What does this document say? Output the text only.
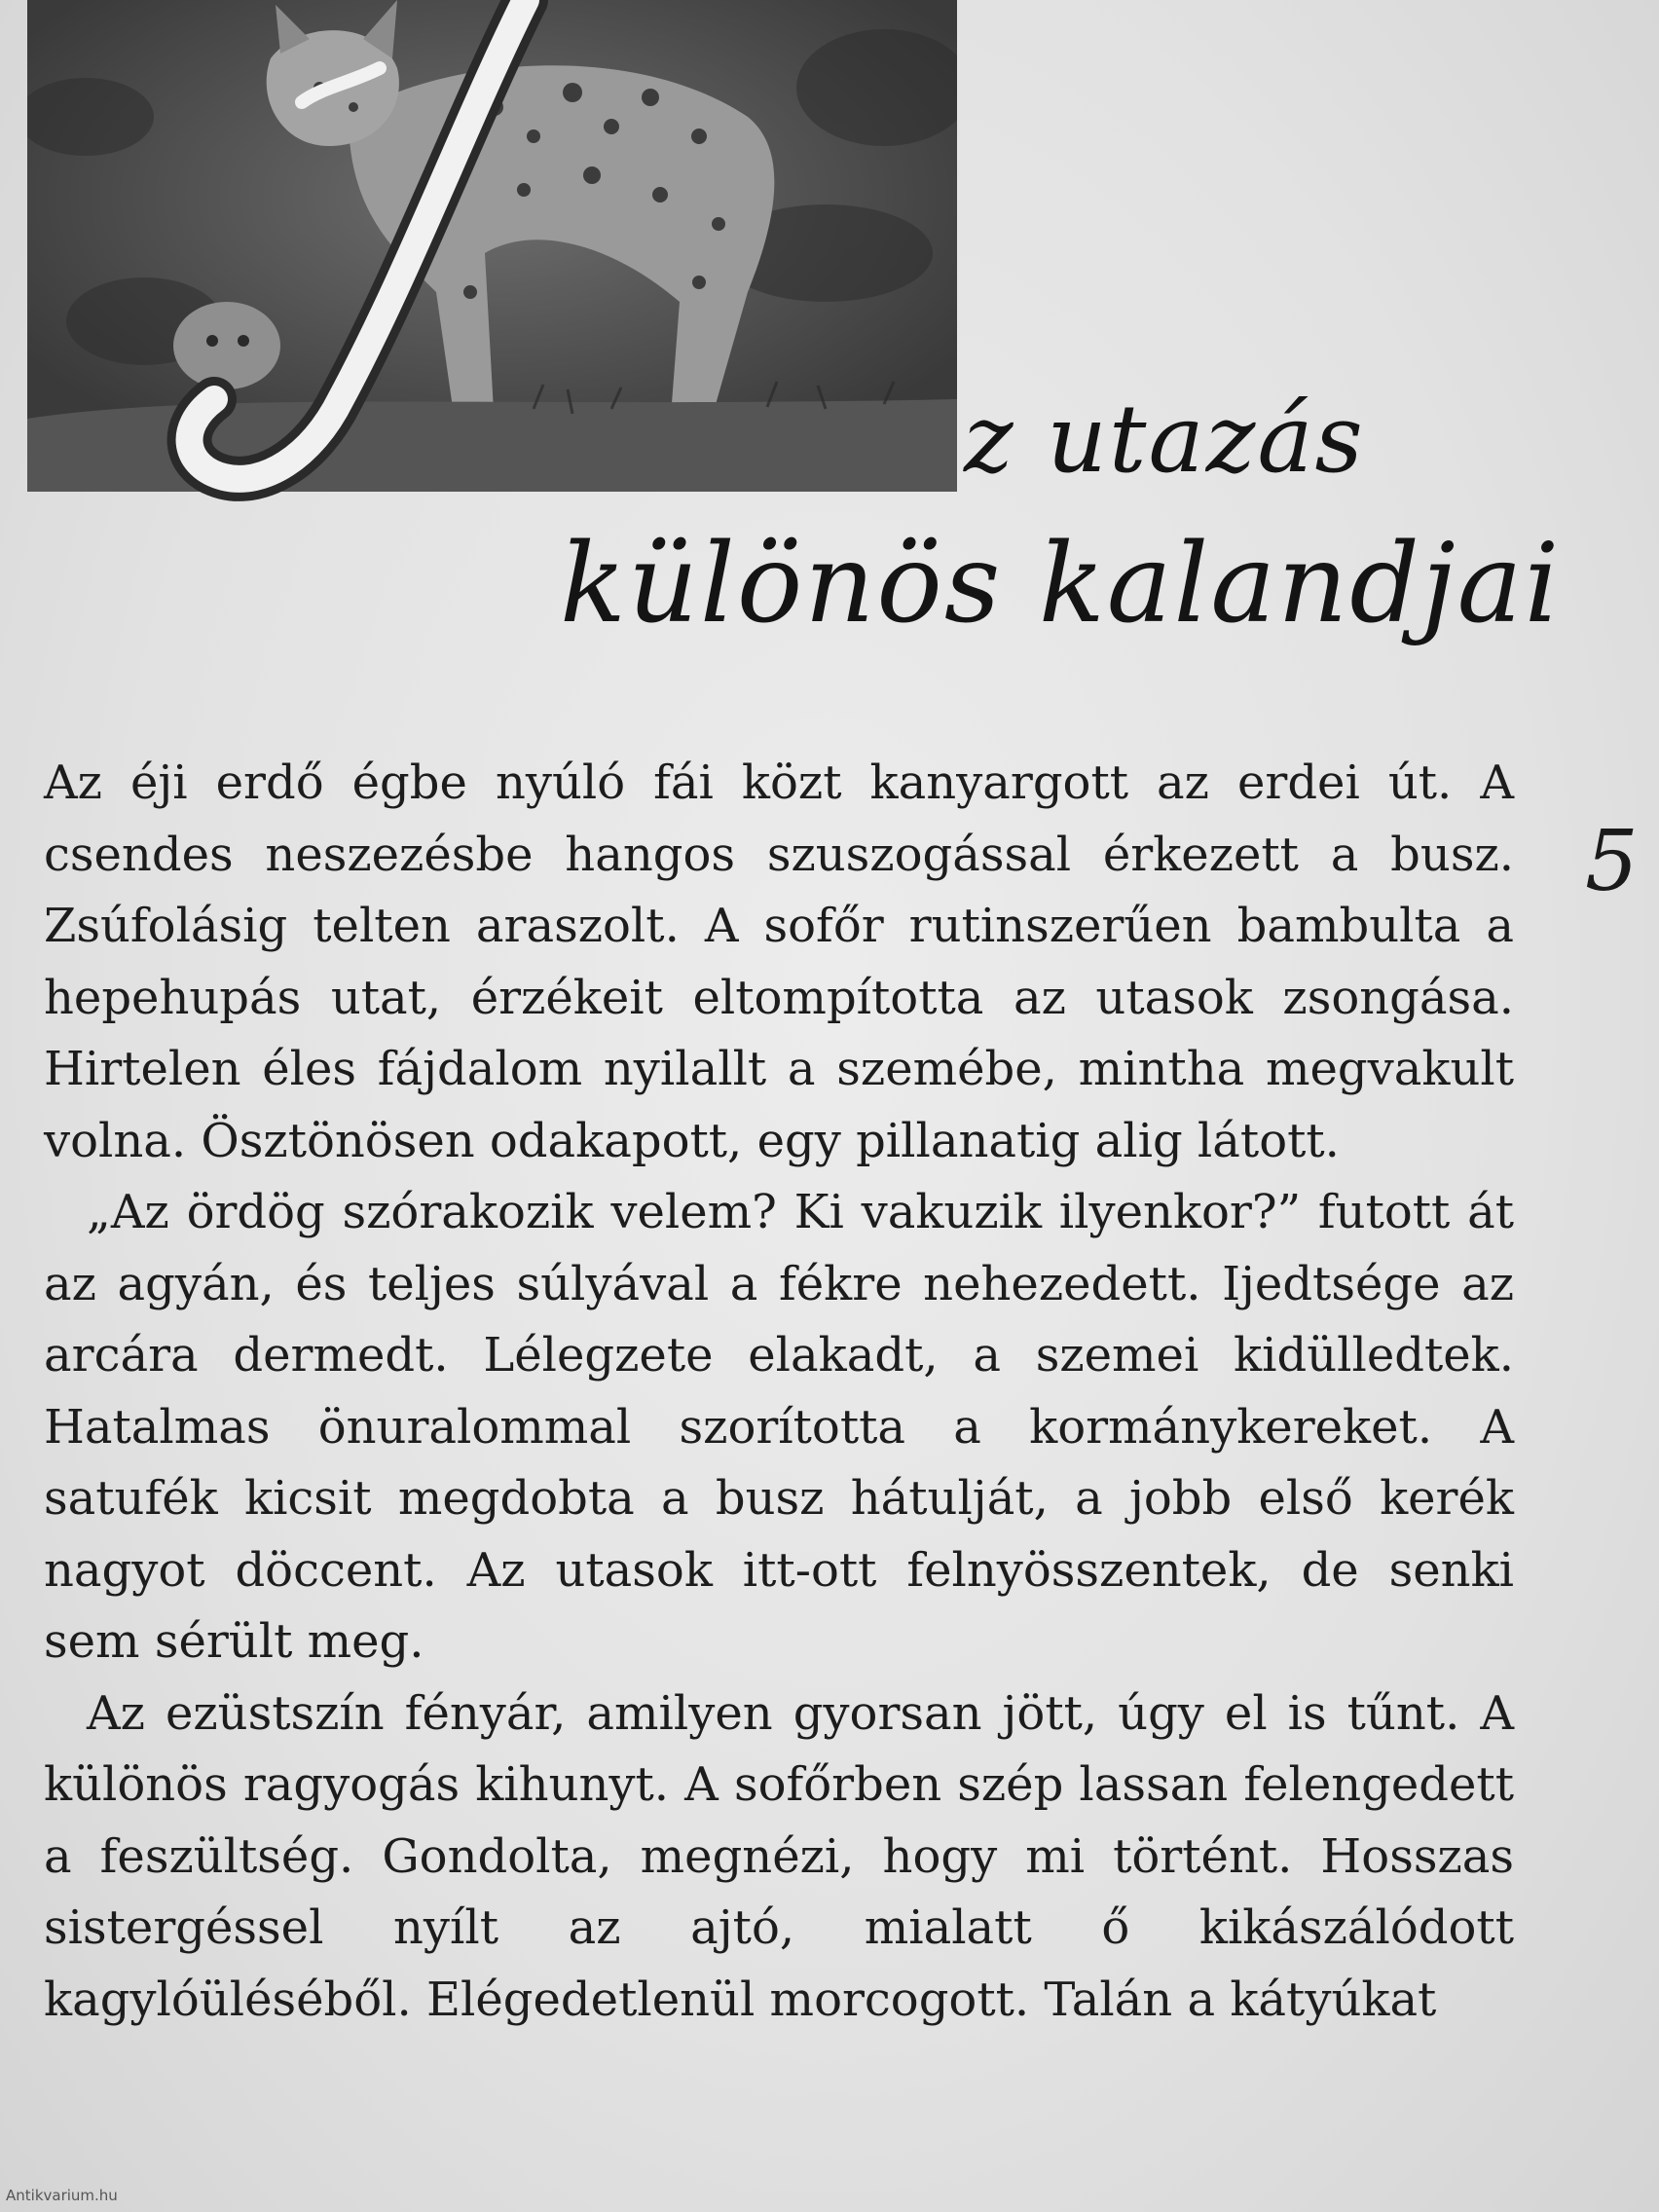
z utazás
különös kalandjai
5

Az éji erdő égbe nyúló fái közt kanyargott az erdei út. A csendes neszezésbe hangos szuszogással érkezett a busz. Zsúfolásig telten araszolt. A sofőr rutinszerűen bambulta a hepehupás utat, érzékeit eltompította az utasok zsongása. Hirtelen éles fájdalom nyilallt a szemébe, mintha megvakult volna. Ösztönösen odakapott, egy pillanatig alig látott.

„Az ördög szórakozik velem? Ki vakuzik ilyenkor?” futott át az agyán, és teljes súlyával a fékre nehezedett. Ijedtsége az arcára dermedt. Lélegzete elakadt, a szemei kidülledtek. Hatalmas önuralommal szorította a kormánykereket. A satufék kicsit megdobta a busz hátulját, a jobb első kerék nagyot döccent. Az utasok itt-ott felnyösszentek, de senki sem sérült meg.

Az ezüstszín fényár, amilyen gyorsan jött, úgy el is tűnt. A különös ragyogás kihunyt. A sofőrben szép lassan felengedett a feszültség. Gondolta, megnézi, hogy mi történt. Hosszas sistergéssel nyílt az ajtó, mialatt ő kikászálódott kagylóüléséből. Elégedetlenül morcogott. Talán a kátyúkat

Antikvarium.hu
